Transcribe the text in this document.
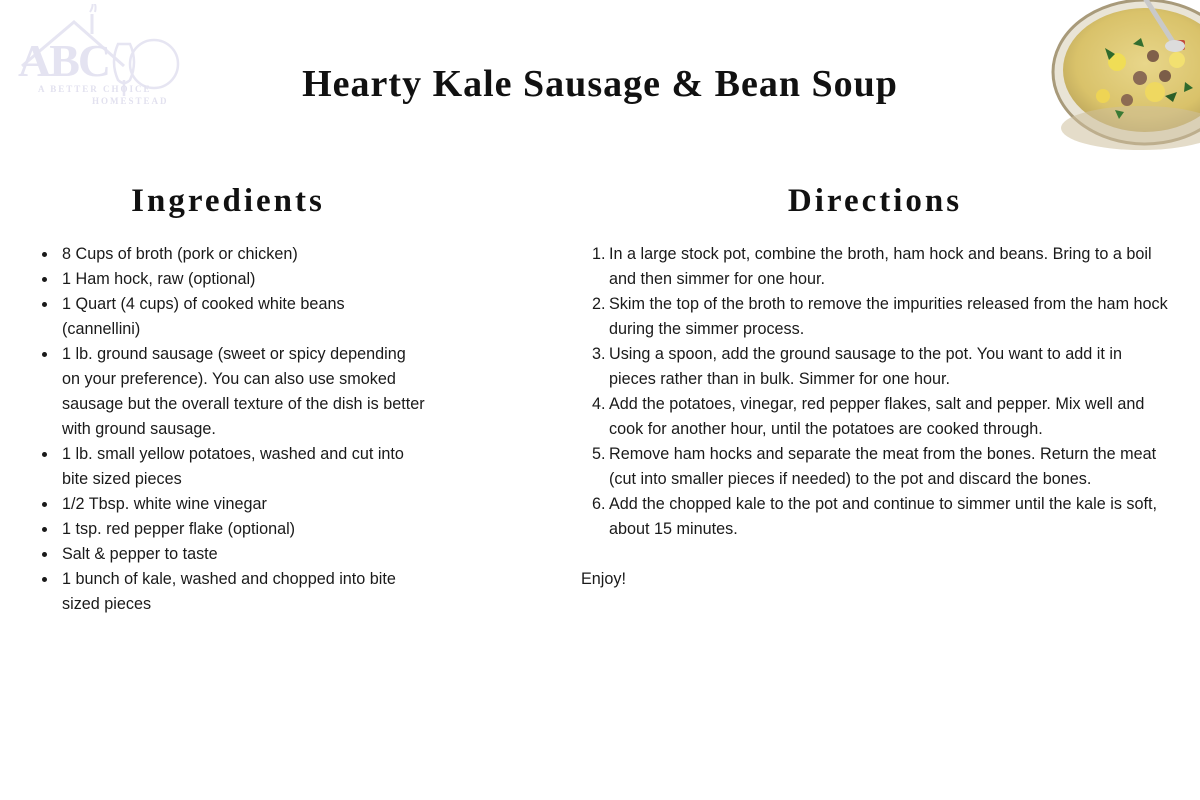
ABC
A BETTER CHOICE
HOMESTEAD	Hearty Kale Sausage & Bean Soup
Ingredients	Directions
8 Cups of broth (pork or chicken)
1 Ham hock, raw (optional)
1 Quart (4 cups) of cooked white beans (cannellini)
1 lb. ground sausage (sweet or spicy depending on your preference). You can also use smoked sausage but the overall texture of the dish is better with ground sausage.
1 lb. small yellow potatoes, washed and cut into bite sized pieces
1/2 Tbsp. white wine vinegar
1 tsp. red pepper flake (optional)
Salt & pepper to taste
1 bunch of kale, washed and chopped into bite sized pieces
1. In a large stock pot, combine the broth, ham hock and beans. Bring to a boil and then simmer for one hour.
2. Skim the top of the broth to remove the impurities released from the ham hock during the simmer process.
3. Using a spoon, add the ground sausage to the pot. You want to add it in pieces rather than in bulk. Simmer for one hour.
4. Add the potatoes, vinegar, red pepper flakes, salt and pepper. Mix well and cook for another hour, until the potatoes are cooked through.
5. Remove ham hocks and separate the meat from the bones. Return the meat (cut into smaller pieces if needed) to the pot and discard the bones.
6. Add the chopped kale to the pot and continue to simmer until the kale is soft, about 15 minutes.
Enjoy!
